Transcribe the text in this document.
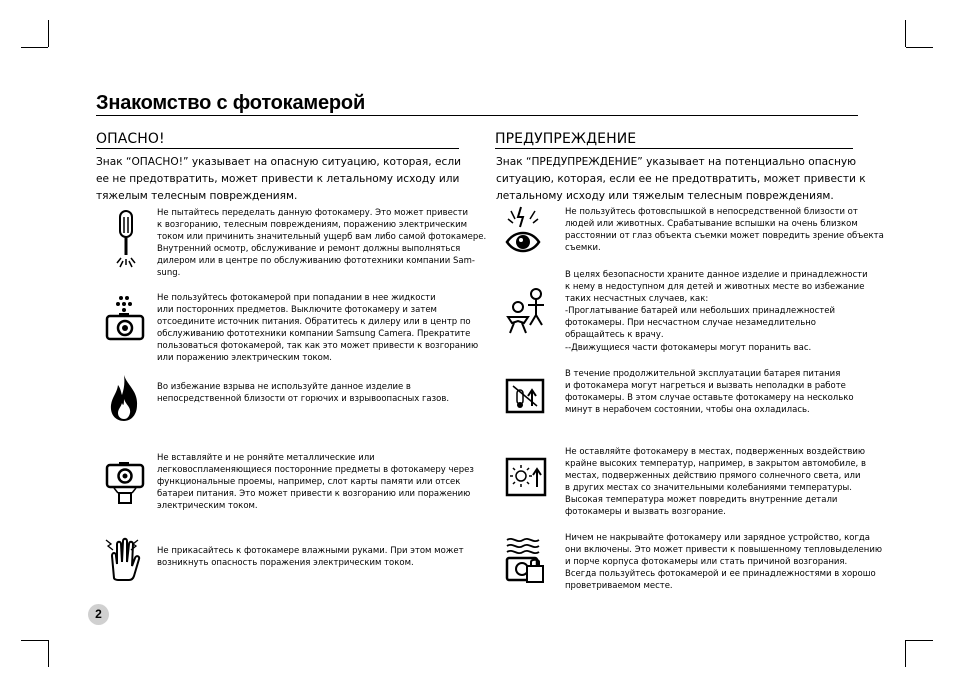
Знакомство с фотокамерой
ОПАСНО!
Знак “ОПАСНО!” указывает на опасную ситуацию, которая, если
ее не предотвратить, может привести к летальному исходу или
тяжелым телесным повреждениям.
Не пытайтесь переделать данную фотокамеру. Это может привести
к возгоранию, телесным повреждениям, поражению электрическим
током или причинить значительный ущерб вам либо самой фотокамере.
Внутренний осмотр, обслуживание и ремонт должны выполняться
дилером или в центре по обслуживанию фототехники компании Sam-
sung.
Не пользуйтесь фотокамерой при попадании в нее жидкости
или посторонних предметов. Выключите фотокамеру и затем
отсоедините источник питания. Обратитесь к дилеру или в центр по
обслуживанию фототехники компании Samsung Camera. Прекратите
пользоваться фотокамерой, так как это может привести к возгоранию
или поражению электрическим током.
Во избежание взрыва не используйте данное изделие в
непосредственной близости от горючих и взрывоопасных газов.
Не вставляйте и не роняйте металлические или
легковоспламеняющиеся посторонние предметы в фотокамеру через
функциональные проемы, например, слот карты памяти или отсек
батареи питания. Это может привести к возгоранию или поражению
электрическим током.
Не прикасайтесь к фотокамере влажными руками. При этом может
возникнуть опасность поражения электрическим током.
ПРЕДУПРЕЖДЕНИЕ
Знак “ПРЕДУПРЕЖДЕНИЕ” указывает на потенциально опасную
ситуацию, которая, если ее не предотвратить, может привести к
летальному исходу или тяжелым телесным повреждениям.
Не пользуйтесь фотовспышкой в непосредственной близости от
людей или животных. Срабатывание вспышки на очень близком
расстоянии от глаз объекта съемки может повредить зрение объекта
съемки.
В целях безопасности храните данное изделие и принадлежности
к нему в недоступном для детей и животных месте во избежание
таких несчастных случаев, как:
-Проглатывание батарей или небольших принадлежностей
фотокамеры. При несчастном случае незамедлительно
обращайтесь к врачу.
--Движущиеся части фотокамеры могут поранить вас.
В течение продолжительной эксплуатации батарея питания
и фотокамера могут нагреться и вызвать неполадки в работе
фотокамеры. В этом случае оставьте фотокамеру на несколько
минут в нерабочем состоянии, чтобы она охладилась.
Не оставляйте фотокамеру в местах, подверженных воздействию
крайне высоких температур, например, в закрытом автомобиле, в
местах, подверженных действию прямого солнечного света, или
в других местах со значительными колебаниями температуры.
Высокая температура может повредить внутренние детали
фотокамеры и вызвать возгорание.
Ничем не накрывайте фотокамеру или зарядное устройство, когда
они включены. Это может привести к повышенному тепловыделению
и порче корпуса фотокамеры или стать причиной возгорания.
Всегда пользуйтесь фотокамерой и ее принадлежностями в хорошо
проветриваемом месте.
2
